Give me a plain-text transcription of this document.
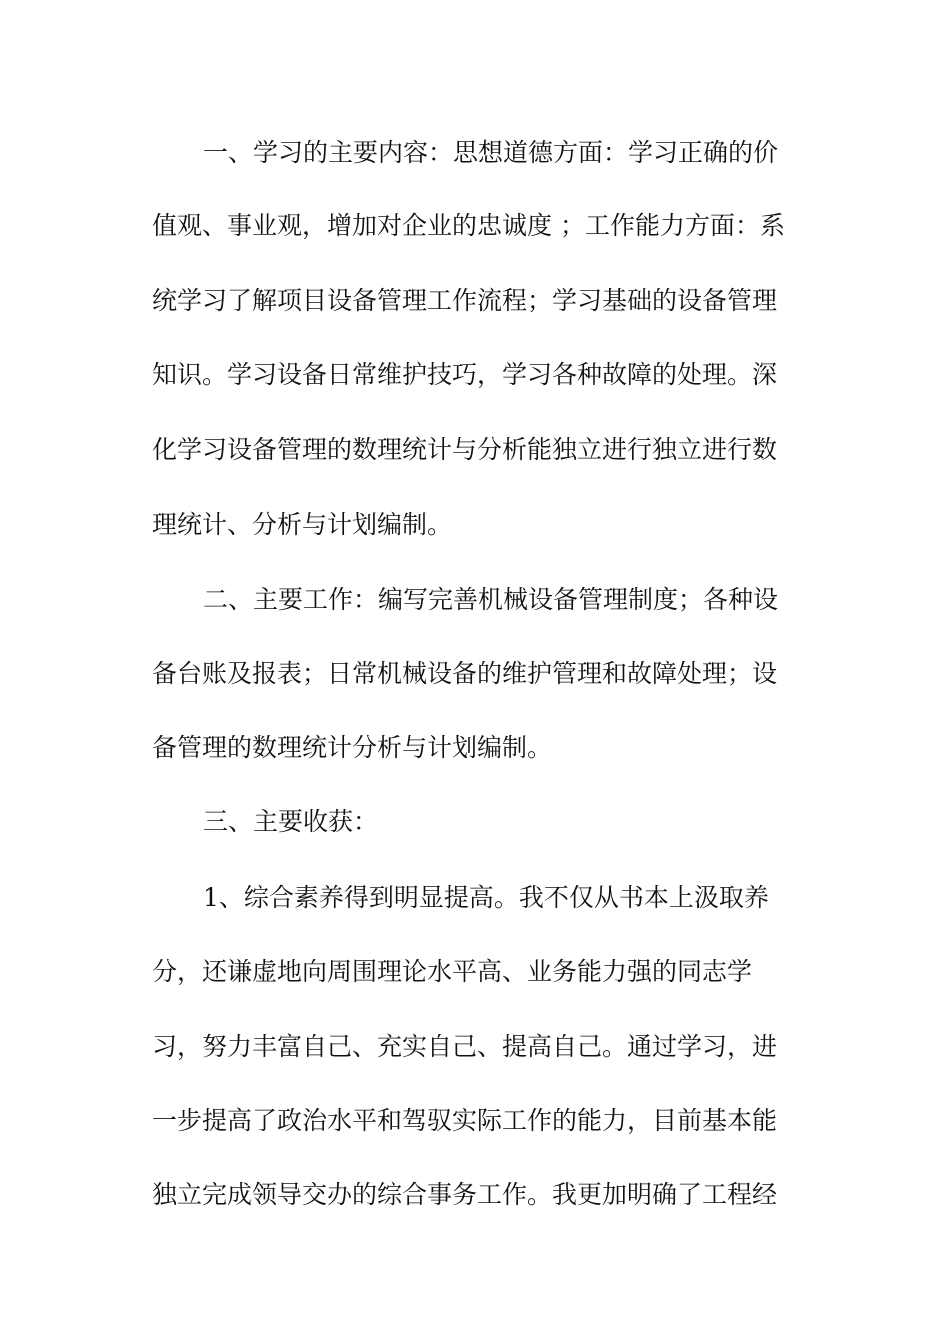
一、学习的主要内容：思想道德方面：学习正确的价
值观、事业观，增加对企业的忠诚度 ；工作能力方面：系
统学习了解项目设备管理工作流程；学习基础的设备管理
知识。学习设备日常维护技巧，学习各种故障的处理。深
化学习设备管理的数理统计与分析能独立进行独立进行数
理统计、分析与计划编制。
二、主要工作：编写完善机械设备管理制度；各种设
备台账及报表；日常机械设备的维护管理和故障处理；设
备管理的数理统计分析与计划编制。
三、主要收获：
1、综合素养得到明显提高。我不仅从书本上汲取养
分，还谦虚地向周围理论水平高、业务能力强的同志学
习，努力丰富自己、充实自己、提高自己。通过学习，进
一步提高了政治水平和驾驭实际工作的能力，目前基本能
独立完成领导交办的综合事务工作。我更加明确了工程经
